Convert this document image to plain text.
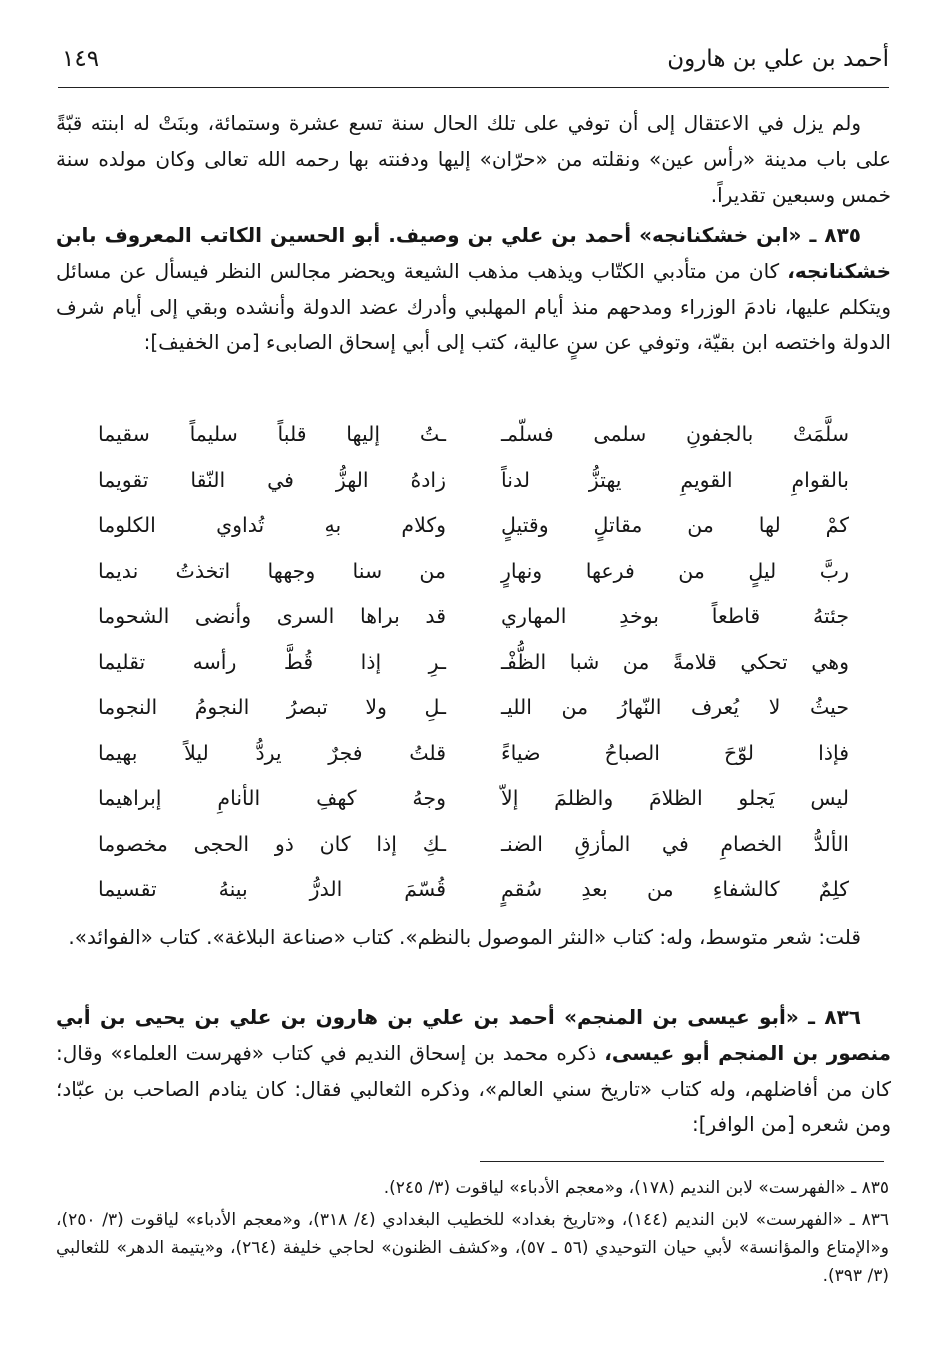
أحمد بن علي بن هارون
١٤٩
ولم يزل في الاعتقال إلى أن توفي على تلك الحال سنة تسع عشرة وستمائة، وبنَتْ له ابنته قبّةً على باب مدينة «رأس عين» ونقلته من «حرّان» إليها ودفنته بها رحمه الله تعالى وكان مولده سنة خمس وسبعين تقديراً.
٨٣٥ ـ «ابن خشكنانجه» أحمد بن علي بن وصيف. أبو الحسين الكاتب المعروف بابن خشكنانجه، كان من متأدبي الكتّاب ويذهب مذهب الشيعة ويحضر مجالس النظر فيسأل عن مسائل ويتكلم عليها، نادمَ الوزراء ومدحهم منذ أيام المهلبي وأدرك عضد الدولة وأنشده وبقي إلى أيام شرف الدولة واختصه ابن بقيّة، وتوفي عن سنٍ عالية، كتب إلى أبي إسحاق الصابىء [من الخفيف]:
سلَّمَتْ بالجفونِ سلمى فسلّمـ
ـتُ إليها قلباً سليماً سقيما
بالقوامِ القويمِ يهتزُّ لدناً
زادهُ الهزُّ في النّقا تقويما
كمْ لها من مقاتلٍ وقتيلٍ
وكلام بهِ تُداوي الكلوما
ربَّ ليلٍ من فرعها ونهارٍ
من سنا وجهها اتخذتُ نديما
جئتهُ قاطعاً بوخدِ المهاري
قد براها السرى وأنضى الشحوما
وهي تحكي قلامةً من شبا الظُّفْـ
ـرِ إذا قُطَّ رأسه تقليما
حيثُ لا يُعرف النّهارُ من الليـ
ـلِ ولا تبصرُ النجومُ النجوما
فإذا لوّحَ الصباحُ ضياءً
قلتُ فجرٌ يردُّ ليلاً بهيما
ليس يَجلو الظلامَ والظلمَ إلاّ
وجهُ كهفِ الأنامِ إبراهيما
الألدُّ الخصامِ في المأزقِ الضنـ
ـكِ إذا كان ذو الحجى مخصوما
كلِمٌ كالشفاءِ من بعدِ سُقمٍ
قُسّمَ الدرُّ بينهُ تقسيما
قلت: شعر متوسط، وله: كتاب «النثر الموصول بالنظم». كتاب «صناعة البلاغة». كتاب «الفوائد».
٨٣٦ ـ «أبو عيسى بن المنجم» أحمد بن علي بن هارون بن علي بن يحيى بن أبي منصور بن المنجم أبو عيسى، ذكره محمد بن إسحاق النديم في كتاب «فهرست العلماء» وقال: كان من أفاضلهم، وله كتاب «تاريخ سني العالم»، وذكره الثعالبي فقال: كان ينادم الصاحب بن عبّاد؛ ومن شعره [من الوافر]:
٨٣٥ ـ «الفهرست» لابن النديم (١٧٨)، و«معجم الأدباء» لياقوت (٣/ ٢٤٥).
٨٣٦ ـ «الفهرست» لابن النديم (١٤٤)، و«تاريخ بغداد» للخطيب البغدادي (٤/ ٣١٨)، و«معجم الأدباء» لياقوت (٣/ ٢٥٠)، و«الإمتاع والمؤانسة» لأبي حيان التوحيدي (٥٦ ـ ٥٧)، و«كشف الظنون» لحاجي خليفة (٢٦٤)، و«يتيمة الدهر» للثعالبي (٣/ ٣٩٣).
